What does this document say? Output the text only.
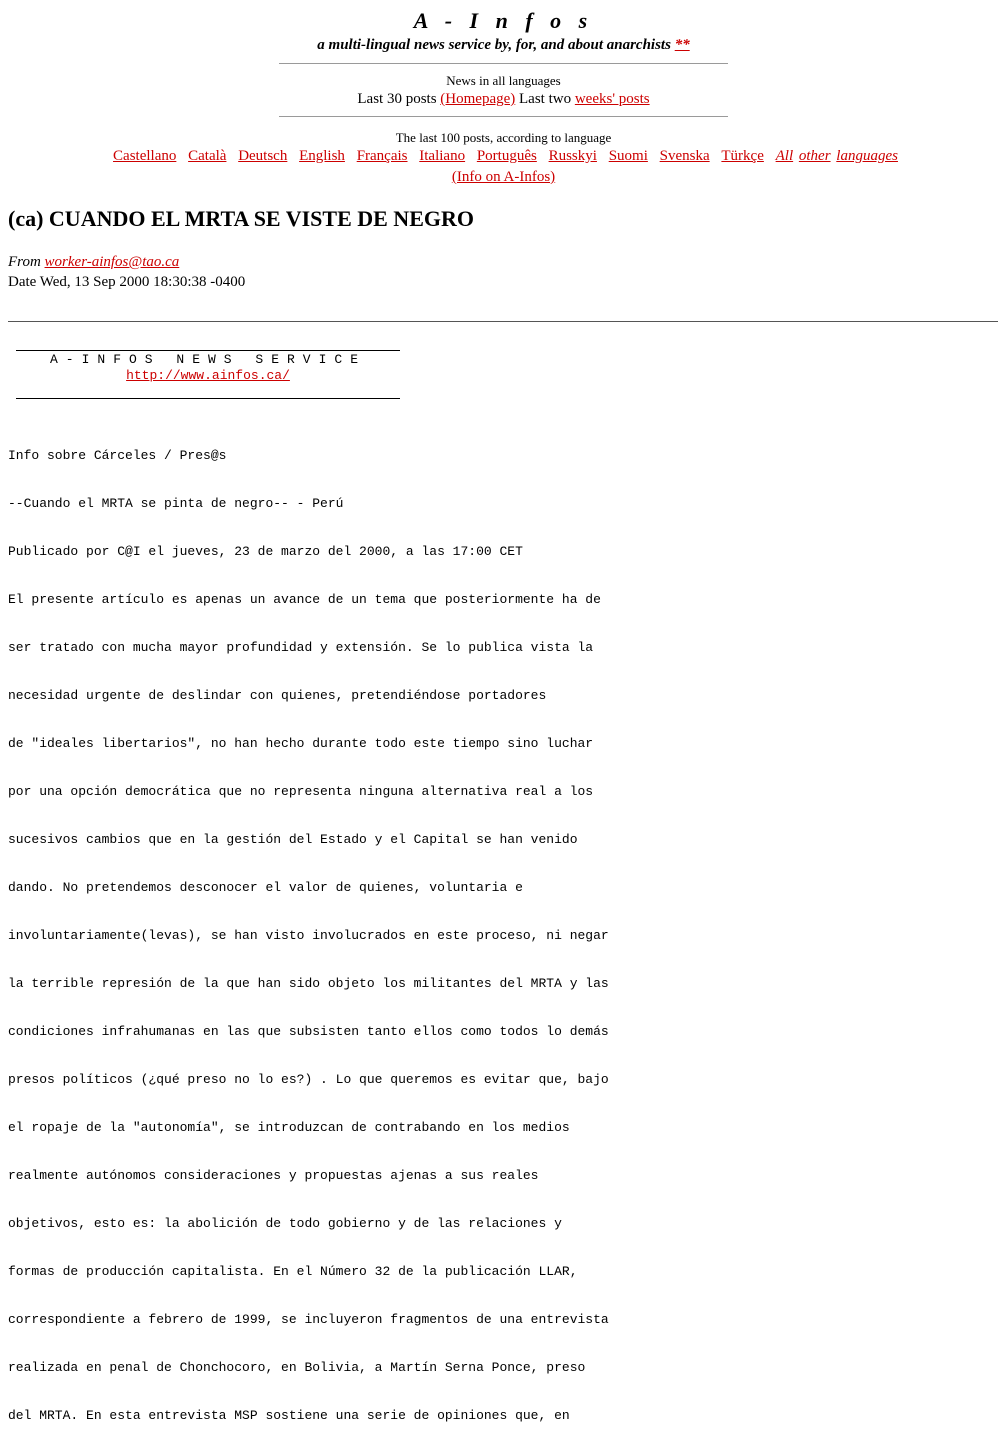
A - I n f o s
a multi-lingual news service by, for, and about anarchists **
News in all languages
Last 30 posts (Homepage) Last two weeks' posts
The last 100 posts, according to language
Castellano Català Deutsch English Français Italiano Português Russkyi Suomi Svenska Türkçe All other languages
(Info on A-Infos)
(ca) CUANDO EL MRTA SE VISTE DE NEGRO
From worker-ainfos@tao.ca
Date Wed, 13 Sep 2000 18:30:38 -0400
A-INFOS NEWS SERVICE
http://www.ainfos.ca/

Info sobre Cárceles / Pres@s

--Cuando el MRTA se pinta de negro-- - Perú

Publicado por C@I el jueves, 23 de marzo del 2000, a las 17:00 CET

El presente artículo es apenas un avance de un tema que posteriormente ha de

ser tratado con mucha mayor profundidad y extensión. Se lo publica vista la

necesidad urgente de deslindar con quienes, pretendiéndose portadores

de "ideales libertarios", no han hecho durante todo este tiempo sino luchar

por una opción democrática que no representa ninguna alternativa real a los

sucesivos cambios que en la gestión del Estado y el Capital se han venido

dando. No pretendemos desconocer el valor de quienes, voluntaria e

involuntariamente(levas), se han visto involucrados en este proceso, ni negar

la terrible represión de la que han sido objeto los militantes del MRTA y las

condiciones infrahumanas en las que subsisten tanto ellos como todos lo demás

presos políticos (¿qué preso no lo es?) . Lo que queremos es evitar que, bajo

el ropaje de la "autonomía", se introduzcan de contrabando en los medios

realmente autónomos consideraciones y propuestas ajenas a sus reales

objetivos, esto es: la abolición de todo gobierno y de las relaciones y

formas de producción capitalista. En el Número 32 de la publicación LLAR,

correspondiente a febrero de 1999, se incluyeron fragmentos de una entrevista

realizada en penal de Chonchocoro, en Bolivia, a Martín Serna Ponce, preso

del MRTA. En esta entrevista MSP sostiene una serie de opiniones que, en
